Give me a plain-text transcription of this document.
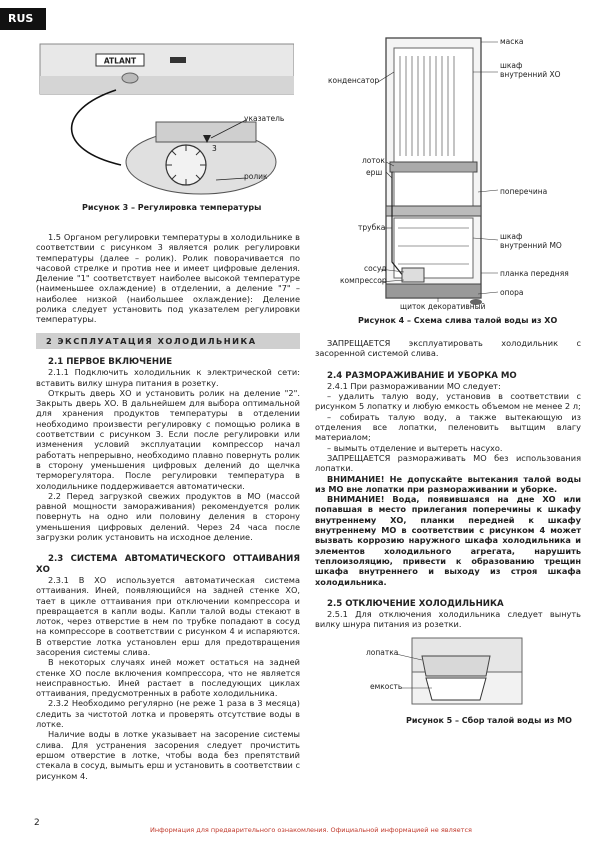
RUS
ATLANT
3
указатель
ролик
Рисунок 3 – Регулировка температуры
маска
шкаф
внутренний ХО
конденсатор
лоток
ерш
поперечина
трубка
шкаф
внутренний МО
сосуд
компрессор
планка передняя
опора
щиток декоративный
Рисунок 4 – Схема слива талой воды из ХО

1.5 Органом регулировки температуры в холодильнике в соответствии с рисунком 3 является ролик регулировки температуры (далее – ролик). Ролик поворачивается по часовой стрелке и против нее и имеет цифровые деления. Деление "1" соответствует наиболее высокой температуре (наименьшее охлаждение) в отделении, а деление "7" – наиболее низкой (наибольшее охлаждение): Деление ролика следует установить под указателем регулировки температуры.

2 ЭКСПЛУАТАЦИЯ ХОЛОДИЛЬНИКА

2.1 ПЕРВОЕ ВКЛЮЧЕНИЕ

2.1.1 Подключить холодильник к электрической сети: вставить вилку шнура питания в розетку.

Открыть дверь ХО и установить ролик на деление "2". Закрыть дверь ХО. В дальнейшем для выбора оптимальной для хранения продуктов температуры в отделении необходимо произвести регулировку с помощью ролика в соответствии с рисунком 3. Если после регулировки или изменения условий эксплуатации компрессор начал работать непрерывно, необходимо плавно повернуть ролик в сторону уменьшения цифровых делений до щелчка терморегулятора. После регулировки температура в холодильнике поддерживается автоматически.

2.2 Перед загрузкой свежих продуктов в МО (массой равной мощности замораживания) рекомендуется ролик повернуть на одно или половину деления в сторону уменьшения цифровых делений. Через 24 часа после загрузки ролик установить на исходное деление.

2.3 СИСТЕМА АВТОМАТИЧЕСКОГО ОТТАИВАНИЯ ХО

2.3.1 В ХО используется автоматическая система оттаивания. Иней, появляющийся на задней стенке ХО, тает в цикле оттаивания при отключении компрессора и превращается в капли воды. Капли талой воды стекают в лоток, через отверстие в нем по трубке попадают в сосуд на компрессоре в соответствии с рисунком 4 и испаряются. В отверстие лотка установлен ерш для предотвращения засорения системы слива.

В некоторых случаях иней может остаться на задней стенке ХО после включения компрессора, что не является неисправностью. Иней растает в последующих циклах оттаивания, предусмотренных в работе холодильника.

2.3.2 Необходимо регулярно (не реже 1 раза в 3 месяца) следить за чистотой лотка и проверять отсутствие воды в лотке.

Наличие воды в лотке указывает на засорение системы слива. Для устранения засорения следует прочистить ершом отверстие в лотке, чтобы вода без препятствий стекала в сосуд, вымыть ерш и установить в соответствии с рисунком 4.

ЗАПРЕЩАЕТСЯ эксплуатировать холодильник с засоренной системой слива.

2.4 РАЗМОРАЖИВАНИЕ И УБОРКА МО

2.4.1 При размораживании МО следует:

– удалить талую воду, установив в соответствии с рисунком 5 лопатку и любую емкость объемом не менее 2 л;

– собирать талую воду, а также вытекающую из отделения все лопатки, пеленовить вытщим влагу материалом;

– вымыть отделение и вытереть насухо.

ЗАПРЕЩАЕТСЯ размораживать МО без использования лопатки.

ВНИМАНИЕ! Не допускайте вытекания талой воды из МО вне лопатки при размораживании и уборке.

ВНИМАНИЕ! Вода, появившаяся на дне ХО или попавшая в место прилегания поперечины к шкафу внутреннему ХО, планки передней к шкафу внутреннему МО в соответствии с рисунком 4 может вызвать коррозию наружного шкафа холодильника и элементов холодильного агрегата, нарушить теплоизоляцию, привести к образованию трещин шкафа внутреннего и выходу из строя шкафа холодильника.

2.5 ОТКЛЮЧЕНИЕ ХОЛОДИЛЬНИКА

2.5.1 Для отключения холодильника следует вынуть вилку шнура питания из розетки.

лопатка
емкость
Рисунок 5 – Сбор талой воды из МО
2
Информация для предварительного ознакомления. Официальной информацией не является
